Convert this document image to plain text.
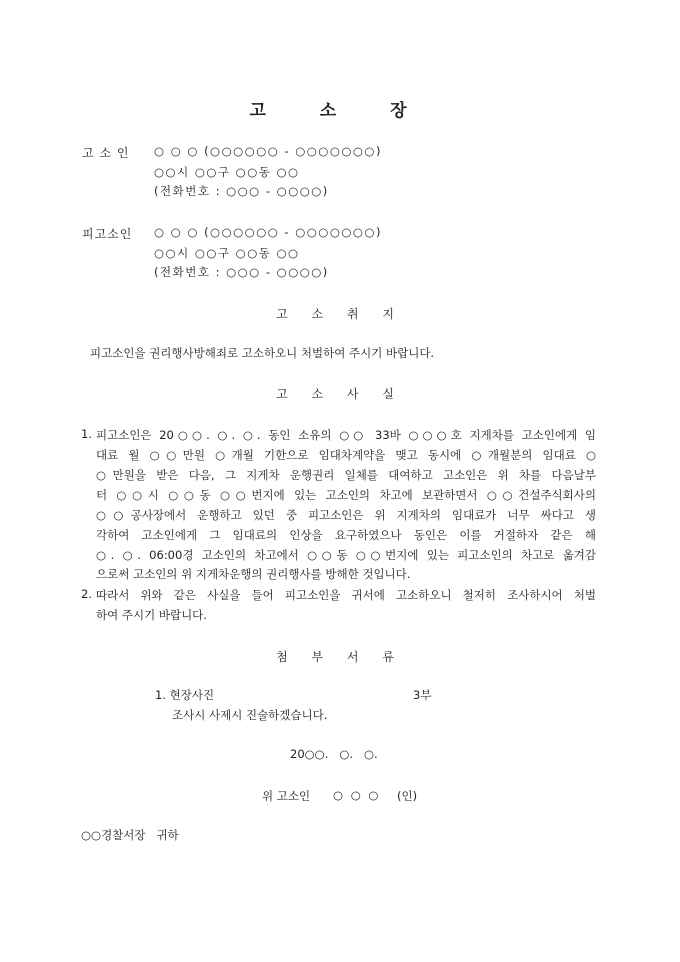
고 소 장
고 소 인 ○ ○ ○ (○○○○○○ - ○○○○○○○)
○○시 ○○구 ○○동 ○○
(전화번호 : ○○○ - ○○○○)
피고소인 ○ ○ ○ (○○○○○○ - ○○○○○○○)
○○시 ○○구 ○○동 ○○
(전화번호 : ○○○ - ○○○○)
고 소 취 지
피고소인을 권리행사방해죄로 고소하오니 처벌하여 주시기 바랍니다.
고 소 사 실
1. 피고소인은 20○○. ○. ○. 동인 소유의 ○○ 33바 ○○○호 지게차를 고소인에게 임
대료 월 ○○만원 ○개월 기한으로 임대차계약을 맺고 동시에 ○개월분의 임대료 ○
○만원을 받은 다음, 그 지게차 운행권리 일체를 대여하고 고소인은 위 차를 다음날부
터 ○○시 ○○동 ○○번지에 있는 고소인의 차고에 보관하면서 ○○건설주식회사의
○○공사장에서 운행하고 있던 중 피고소인은 위 지게차의 임대료가 너무 싸다고 생
각하여 고소인에게 그 임대료의 인상을 요구하였으나 동인은 이를 거절하자 같은 해
○. ○. 06:00경 고소인의 차고에서 ○○동 ○○번지에 있는 피고소인의 차고로 옮겨감
으로써 고소인의 위 지게차운행의 권리행사를 방해한 것입니다.
2. 따라서 위와 같은 사실을 들어 피고소인을 귀서에 고소하오니 철저히 조사하시어 처벌
하여 주시기 바랍니다.
첨 부 서 류
1. 현장사진	3부
조사시 사제시 진술하겠습니다.
20○○.   ○.   ○.
위 고소인 ○ ○ ○ (인)
○○경찰서장   귀하
